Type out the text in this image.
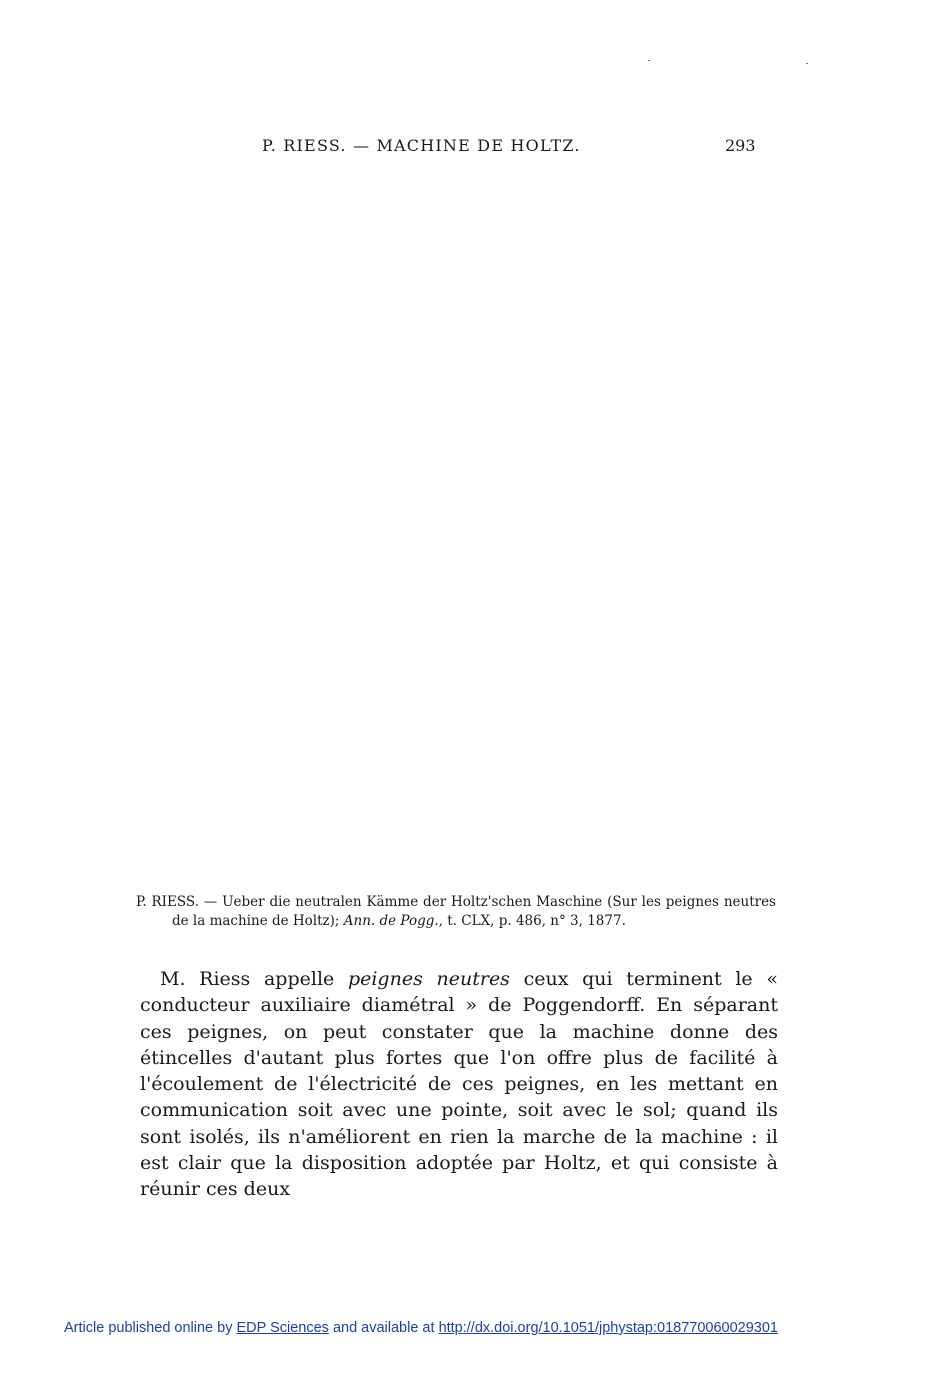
P. RIESS. — MACHINE DE HOLTZ.	293

P. RIESS. — Ueber die neutralen Kämme der Holtz'schen Maschine (Sur les peignes neutres de la machine de Holtz); Ann. de Pogg., t. CLX, p. 486, n° 3, 1877.

M. Riess appelle peignes neutres ceux qui terminent le « conducteur auxiliaire diamétral » de Poggendorff. En séparant ces peignes, on peut constater que la machine donne des étincelles d'autant plus fortes que l'on offre plus de facilité à l'écoulement de l'électricité de ces peignes, en les mettant en communication soit avec une pointe, soit avec le sol; quand ils sont isolés, ils n'améliorent en rien la marche de la machine : il est clair que la disposition adoptée par Holtz, et qui consiste à réunir ces deux

Article published online by EDP Sciences and available at http://dx.doi.org/10.1051/jphystap:018770060029301
